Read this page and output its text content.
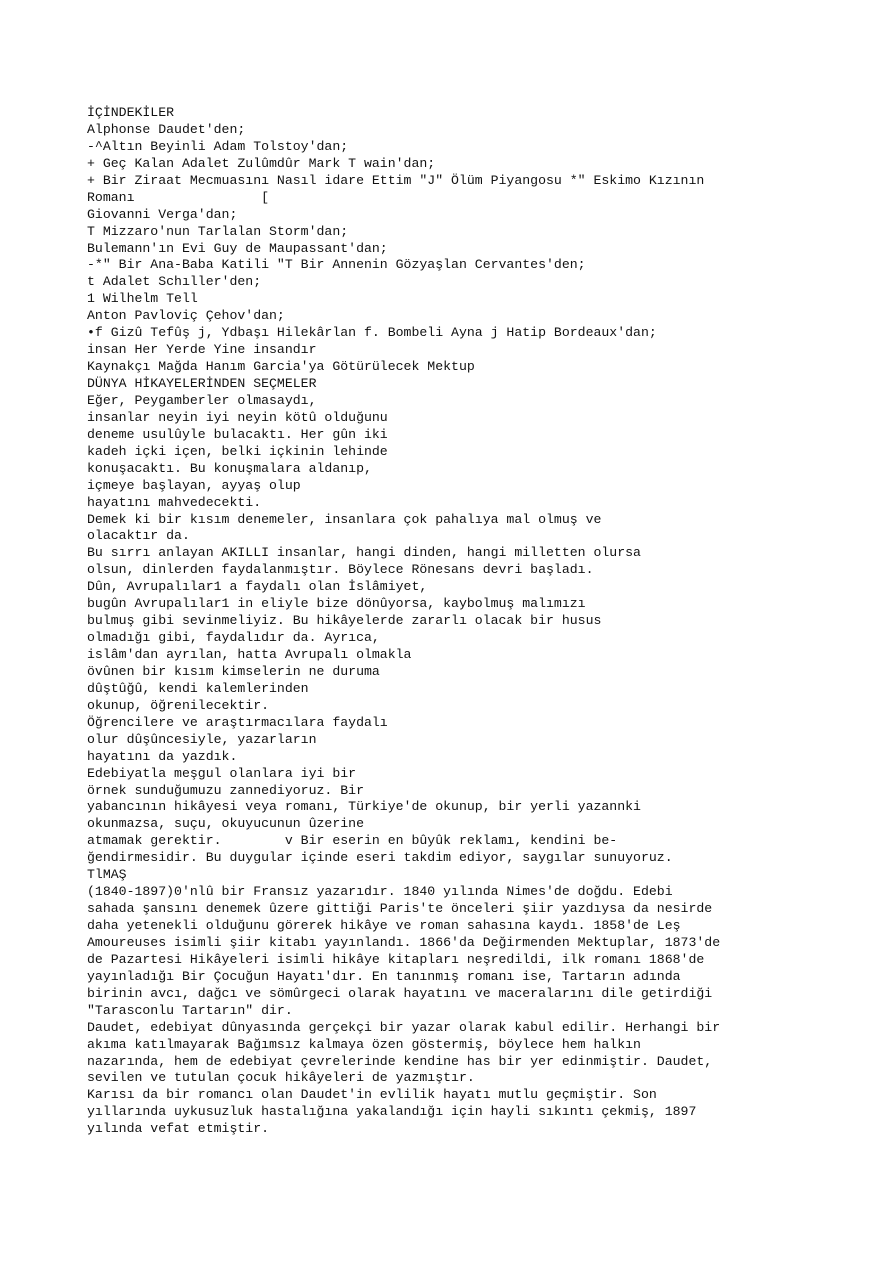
İÇİNDEKİLER
Alphonse Daudet'den;
-^Altın Beyinli Adam Tolstoy'dan;
+ Geç Kalan Adalet Zulûmdûr Mark T wain'dan;
+ Bir Ziraat Mecmuasını Nasıl idare Ettim "J" Ölüm Piyangosu *" Eskimo Kızının
Romanı                [
Giovanni Verga'dan;
T Mizzaro'nun Tarlalan Storm'dan;
Bulemann'ın Evi Guy de Maupassant'dan;
-*" Bir Ana-Baba Katili "T Bir Annenin Gözyaşlan Cervantes'den;
t Adalet Schıller'den;
1 Wilhelm Tell
Anton Pavloviç Çehov'dan;
•f Gizû Tefûş j, Ydbaşı Hilekârlan f. Bombeli Ayna j Hatip Bordeaux'dan;
insan Her Yerde Yine insandır
Kaynakçı Mağda Hanım Garcia'ya Götürülecek Mektup
DÜNYA HİKAYELERİNDEN SEÇMELER
Eğer, Peygamberler olmasaydı,
insanlar neyin iyi neyin kötû olduğunu
deneme usulûyle bulacaktı. Her gûn iki
kadeh içki içen, belki içkinin lehinde
konuşacaktı. Bu konuşmalara aldanıp,
içmeye başlayan, ayyaş olup
hayatını mahvedecekti.
Demek ki bir kısım denemeler, insanlara çok pahalıya mal olmuş ve
olacaktır da.
Bu sırrı anlayan AKILLI insanlar, hangi dinden, hangi milletten olursa
olsun, dinlerden faydalanmıştır. Böylece Rönesans devri başladı.
Dûn, Avrupalılar1 a faydalı olan İslâmiyet,
bugûn Avrupalılar1 in eliyle bize dönûyorsa, kaybolmuş malımızı
bulmuş gibi sevinmeliyiz. Bu hikâyelerde zararlı olacak bir husus
olmadığı gibi, faydalıdır da. Ayrıca,
islâm'dan ayrılan, hatta Avrupalı olmakla
övûnen bir kısım kimselerin ne duruma
dûştûğû, kendi kalemlerinden
okunup, öğrenilecektir.
Öğrencilere ve araştırmacılara faydalı
olur dûşûncesiyle, yazarların
hayatını da yazdık.
Edebiyatla meşgul olanlara iyi bir
örnek sunduğumuzu zannediyoruz. Bir
yabancının hikâyesi veya romanı, Türkiye'de okunup, bir yerli yazannki
okunmazsa, suçu, okuyucunun ûzerine
atmamak gerektir.        v Bir eserin en bûyûk reklamı, kendini be-
ğendirmesidir. Bu duygular içinde eseri takdim ediyor, saygılar sunuyoruz.
TlMAŞ
(1840-1897)0'nlû bir Fransız yazarıdır. 1840 yılında Nimes'de doğdu. Edebi
sahada şansını denemek ûzere gittiği Paris'te önceleri şiir yazdıysa da nesirde
daha yetenekli olduğunu görerek hikâye ve roman sahasına kaydı. 1858'de Leş
Amoureuses isimli şiir kitabı yayınlandı. 1866'da Değirmenden Mektuplar, 1873'de
de Pazartesi Hikâyeleri isimli hikâye kitapları neşredildi, ilk romanı 1868'de
yayınladığı Bir Çocuğun Hayatı'dır. En tanınmış romanı ise, Tartarın adında
birinin avcı, dağcı ve sömûrgeci olarak hayatını ve maceralarını dile getirdiği
"Tarasconlu Tartarın" dir.
Daudet, edebiyat dûnyasında gerçekçi bir yazar olarak kabul edilir. Herhangi bir
akıma katılmayarak Bağımsız kalmaya özen göstermiş, böylece hem halkın
nazarında, hem de edebiyat çevrelerinde kendine has bir yer edinmiştir. Daudet,
sevilen ve tutulan çocuk hikâyeleri de yazmıştır.
Karısı da bir romancı olan Daudet'in evlilik hayatı mutlu geçmiştir. Son
yıllarında uykusuzluk hastalığına yakalandığı için hayli sıkıntı çekmiş, 1897
yılında vefat etmiştir.
